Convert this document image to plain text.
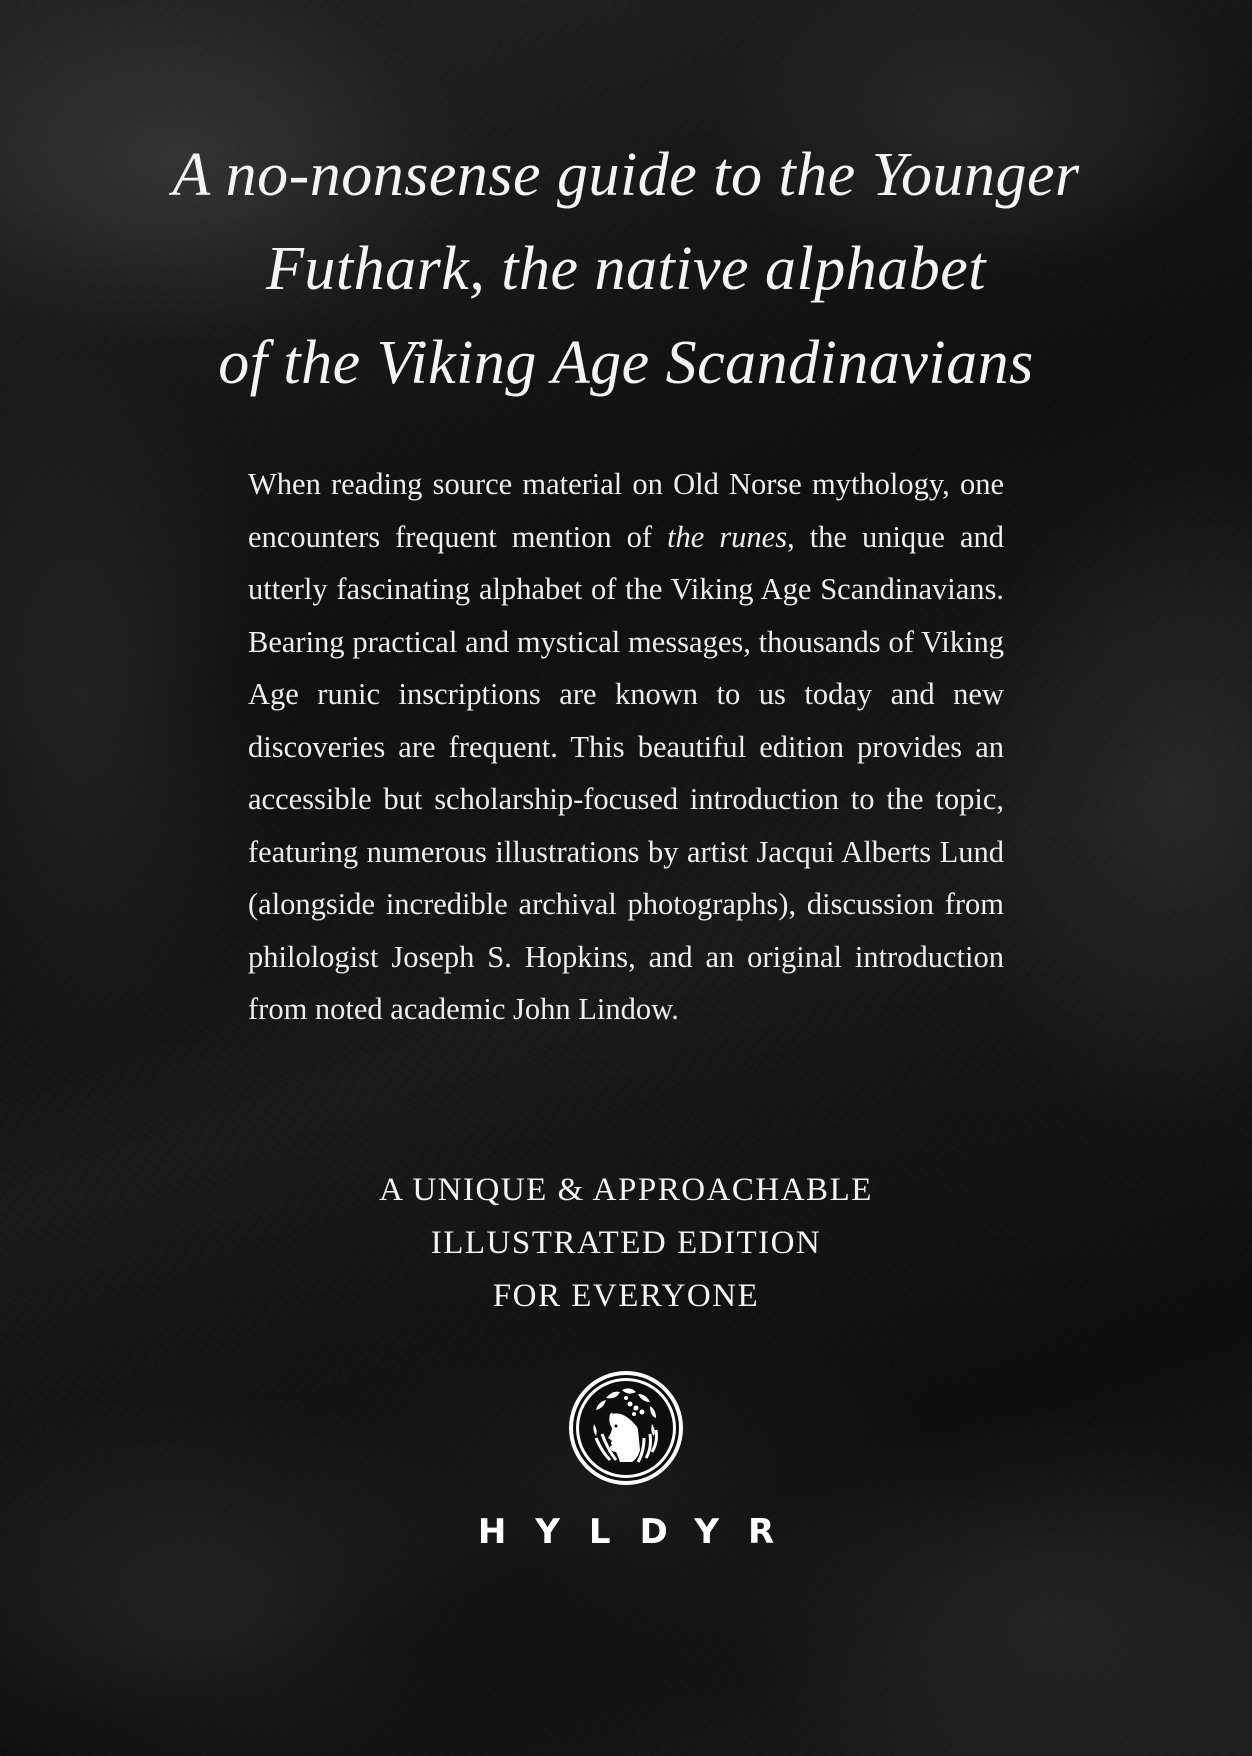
A no-nonsense guide to the Younger
Futhark, the native alphabet
of the Viking Age Scandinavians

When reading source material on Old Norse mythology, one encounters frequent mention of the runes, the unique and utterly fascinating alphabet of the Viking Age Scandinavians. Bearing practical and mystical messages, thousands of Viking Age runic inscriptions are known to us today and new discoveries are frequent. This beautiful edition provides an accessible but scholarship-focused introduction to the topic, featuring numerous illustrations by artist Jacqui Alberts Lund (alongside incredible archival photographs), discussion from philologist Joseph S. Hopkins, and an original introduction from noted academic John Lindow.

A UNIQUE & APPROACHABLE
ILLUSTRATED EDITION
FOR EVERYONE
HYLDYR
